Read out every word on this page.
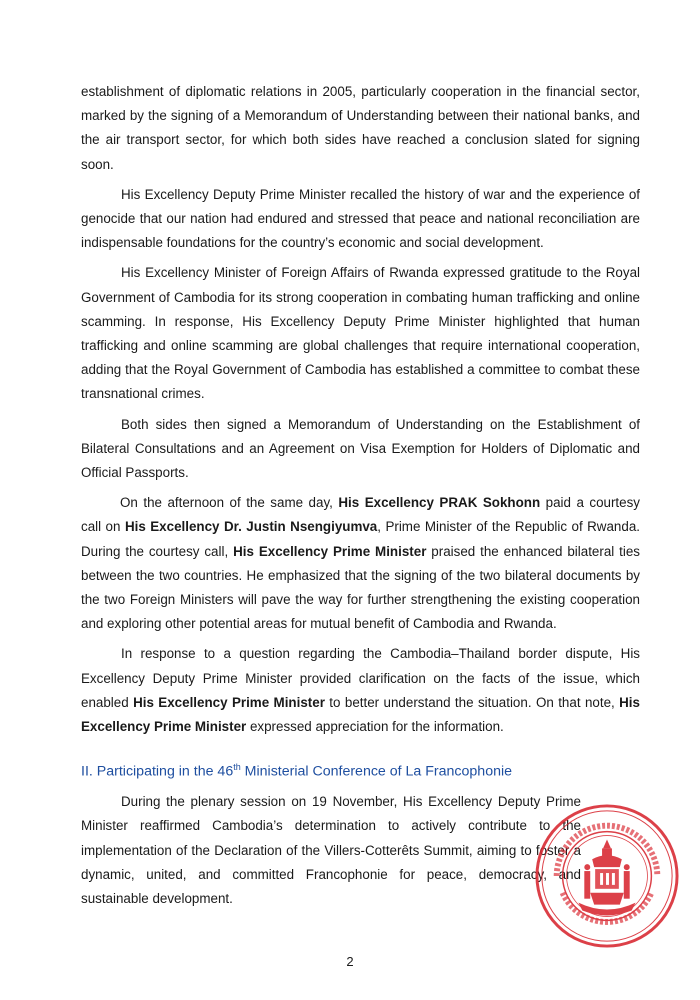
establishment of diplomatic relations in 2005, particularly cooperation in the financial sector, marked by the signing of a Memorandum of Understanding between their national banks, and the air transport sector, for which both sides have reached a conclusion slated for signing soon.

His Excellency Deputy Prime Minister recalled the history of war and the experience of genocide that our nation had endured and stressed that peace and national reconciliation are indispensable foundations for the country’s economic and social development.

His Excellency Minister of Foreign Affairs of Rwanda expressed gratitude to the Royal Government of Cambodia for its strong cooperation in combating human trafficking and online scamming. In response, His Excellency Deputy Prime Minister highlighted that human trafficking and online scamming are global challenges that require international cooperation, adding that the Royal Government of Cambodia has established a committee to combat these transnational crimes.

Both sides then signed a Memorandum of Understanding on the Establishment of Bilateral Consultations and an Agreement on Visa Exemption for Holders of Diplomatic and Official Passports.

On the afternoon of the same day, His Excellency PRAK Sokhonn paid a courtesy call on His Excellency Dr. Justin Nsengiyumva, Prime Minister of the Republic of Rwanda. During the courtesy call, His Excellency Prime Minister praised the enhanced bilateral ties between the two countries. He emphasized that the signing of the two bilateral documents by the two Foreign Ministers will pave the way for further strengthening the existing cooperation and exploring other potential areas for mutual benefit of Cambodia and Rwanda.

In response to a question regarding the Cambodia–Thailand border dispute, His Excellency Deputy Prime Minister provided clarification on the facts of the issue, which enabled His Excellency Prime Minister to better understand the situation. On that note, His Excellency Prime Minister expressed appreciation for the information.

II. Participating in the 46th Ministerial Conference of La Francophonie

During the plenary session on 19 November, His Excellency Deputy Prime Minister reaffirmed Cambodia’s determination to actively contribute to the implementation of the Declaration of the Villers-Cotterêts Summit, aiming to foster a dynamic, united, and committed Francophonie for peace, democracy, and sustainable development.

2
